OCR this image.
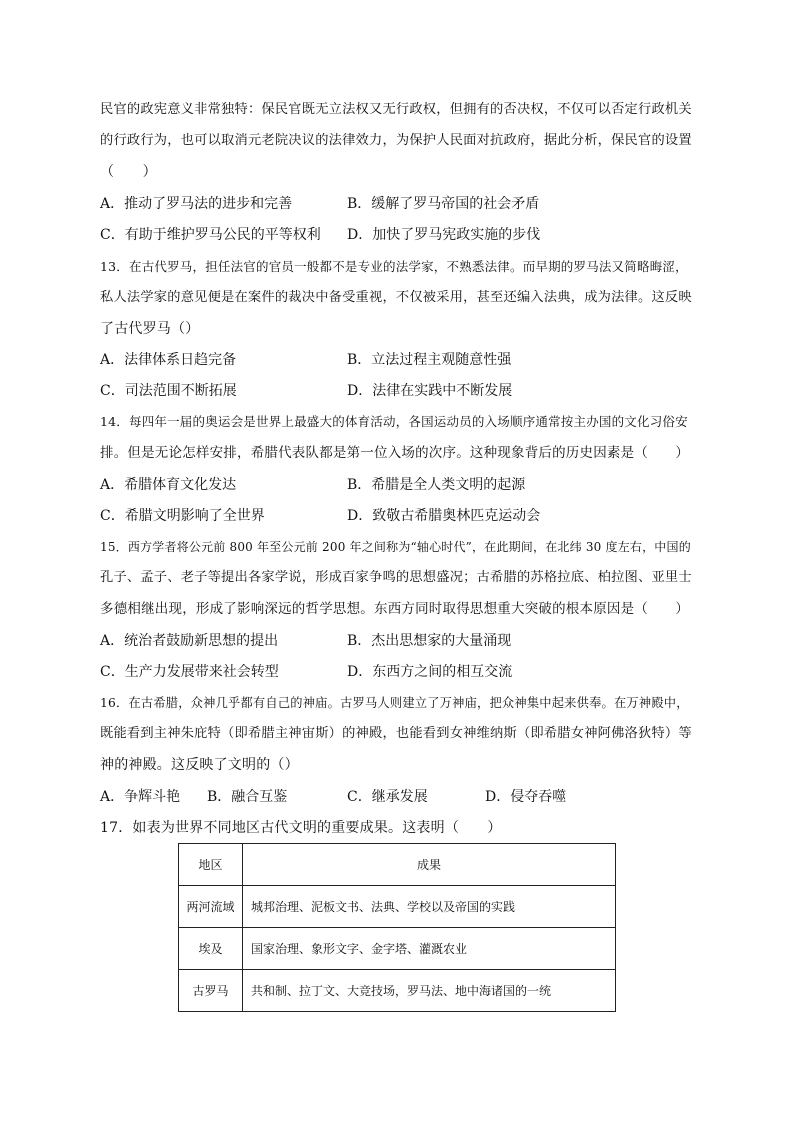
民官的政宪意义非常独特：保民官既无立法权又无行政权，但拥有的否决权，不仅可以否定行政机关
的行政行为，也可以取消元老院决议的法律效力，为保护人民面对抗政府，据此分析，保民官的设置
（　　）
A．推动了罗马法的进步和完善	B．缓解了罗马帝国的社会矛盾
C．有助于维护罗马公民的平等权利 D．加快了罗马宪政实施的步伐
13．在古代罗马，担任法官的官员一般都不是专业的法学家，不熟悉法律。而早期的罗马法又简略晦涩，
私人法学家的意见便是在案件的裁决中备受重视，不仅被采用，甚至还编入法典，成为法律。这反映
了古代罗马（）
A．法律体系日趋完备	B．立法过程主观随意性强
C．司法范围不断拓展	D．法律在实践中不断发展
14．每四年一届的奥运会是世界上最盛大的体育活动，各国运动员的入场顺序通常按主办国的文化习俗安
排。但是无论怎样安排，希腊代表队都是第一位入场的次序。这种现象背后的历史因素是（　　）
A．希腊体育文化发达	B．希腊是全人类文明的起源
C．希腊文明影响了全世界	D．致敬古希腊奥林匹克运动会
15．西方学者将公元前 800 年至公元前 200 年之间称为“轴心时代”，在此期间，在北纬 30 度左右，中国的
孔子、孟子、老子等提出各家学说，形成百家争鸣的思想盛况；古希腊的苏格拉底、柏拉图、亚里士
多德相继出现，形成了影响深远的哲学思想。东西方同时取得思想重大突破的根本原因是（　　）
A．统治者鼓励新思想的提出	B．杰出思想家的大量涌现
C．生产力发展带来社会转型	D．东西方之间的相互交流
16．在古希腊，众神几乎都有自己的神庙。古罗马人则建立了万神庙，把众神集中起来供奉。在万神殿中，
既能看到主神朱庇特（即希腊主神宙斯）的神殿，也能看到女神维纳斯（即希腊女神阿佛洛狄特）等
神的神殿。这反映了文明的（）
A．争辉斗艳 B．融合互鉴	C．继承发展	D．侵夺吞噬
17．如表为世界不同地区古代文明的重要成果。这表明（　　）
地区	成果
两河流域	城邦治理、泥板文书、法典、学校以及帝国的实践
埃及	国家治理、象形文字、金字塔、灌溉农业
古罗马	共和制、拉丁文、大竞技场，罗马法、地中海诸国的一统
